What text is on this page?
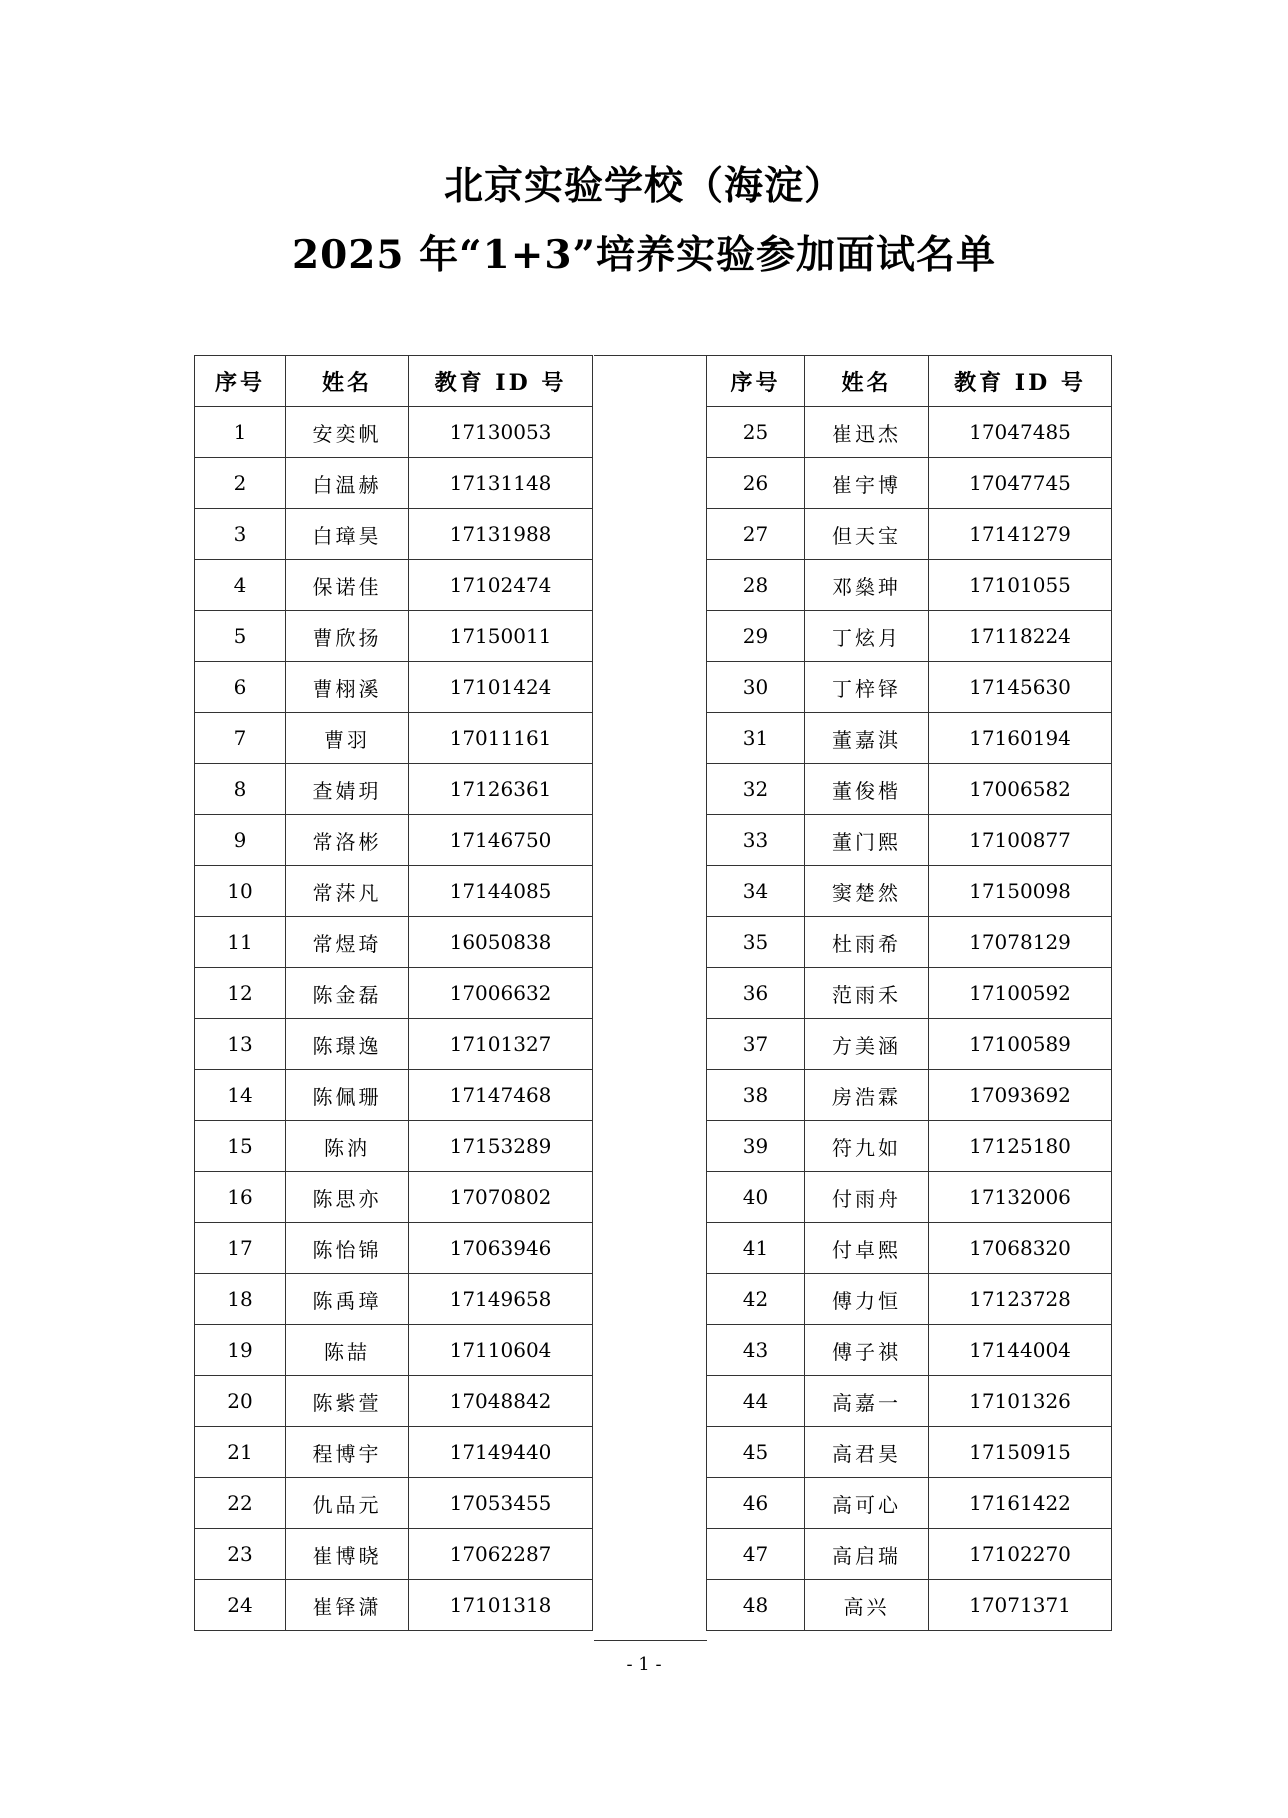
北京实验学校（海淀）
2025 年“1+3”培养实验参加面试名单
序号	姓名	教育 ID 号
1	安奕帆	17130053
2	白温赫	17131148
3	白璋昊	17131988
4	保诺佳	17102474
5	曹欣扬	17150011
6	曹栩溪	17101424
7	曹羽	17011161
8	查婧玥	17126361
9	常洛彬	17146750
10	常莯凡	17144085
11	常煜琦	16050838
12	陈金磊	17006632
13	陈璟逸	17101327
14	陈佩珊	17147468
15	陈汭	17153289
16	陈思亦	17070802
17	陈怡锦	17063946
18	陈禹璋	17149658
19	陈喆	17110604
20	陈紫萱	17048842
21	程博宇	17149440
22	仇品元	17053455
23	崔博晓	17062287
24	崔铎潇	17101318
序号	姓名	教育 ID 号
25	崔迅杰	17047485
26	崔宇博	17047745
27	但天宝	17141279
28	邓燊珅	17101055
29	丁炫月	17118224
30	丁梓铎	17145630
31	董嘉淇	17160194
32	董俊楷	17006582
33	董门熙	17100877
34	窦楚然	17150098
35	杜雨希	17078129
36	范雨禾	17100592
37	方美涵	17100589
38	房浩霖	17093692
39	符九如	17125180
40	付雨舟	17132006
41	付卓熙	17068320
42	傅力恒	17123728
43	傅子祺	17144004
44	高嘉一	17101326
45	高君昊	17150915
46	高可心	17161422
47	高启瑞	17102270
48	高兴	17071371
- 1 -
